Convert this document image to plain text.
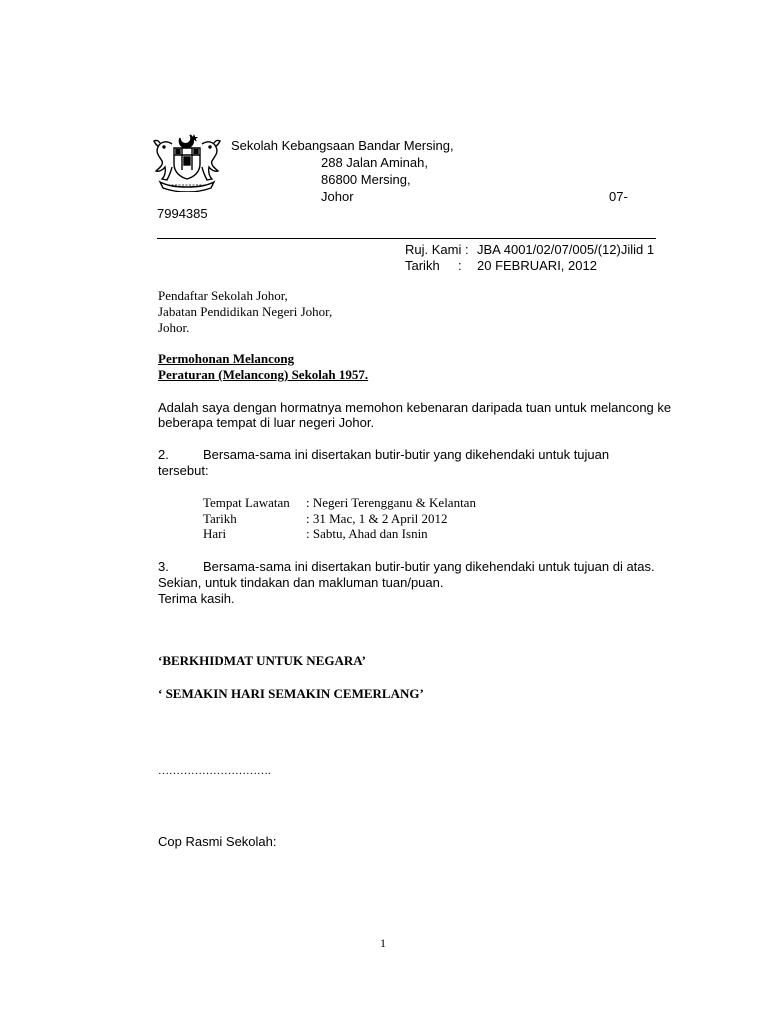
Sekolah Kebangsaan Bandar Mersing,
288 Jalan Aminah,
86800 Mersing,
Johor	07-
7994385
Ruj. Kami : JBA 4001/02/07/005/(12)Jilid 1
Tarikh : 20 FEBRUARI, 2012
Pendaftar Sekolah Johor,
Jabatan Pendidikan Negeri Johor,
Johor.
Permohonan Melancong
Peraturan (Melancong) Sekolah 1957.
Adalah saya dengan hormatnya memohon kebenaran daripada tuan untuk melancong ke
beberapa tempat di luar negeri Johor.
2.	Bersama-sama ini disertakan butir-butir yang dikehendaki untuk tujuan
tersebut:
Tempat Lawatan : Negeri Terengganu & Kelantan
Tarikh	: 31 Mac, 1 & 2 April 2012
Hari	: Sabtu, Ahad dan Isnin
3.	Bersama-sama ini disertakan butir-butir yang dikehendaki untuk tujuan di atas.
Sekian, untuk tindakan dan makluman tuan/puan.
Terima kasih.
‘BERKHIDMAT UNTUK NEGARA’
‘ SEMAKIN HARI SEMAKIN CEMERLANG’
………………………….
Cop Rasmi Sekolah:
1
